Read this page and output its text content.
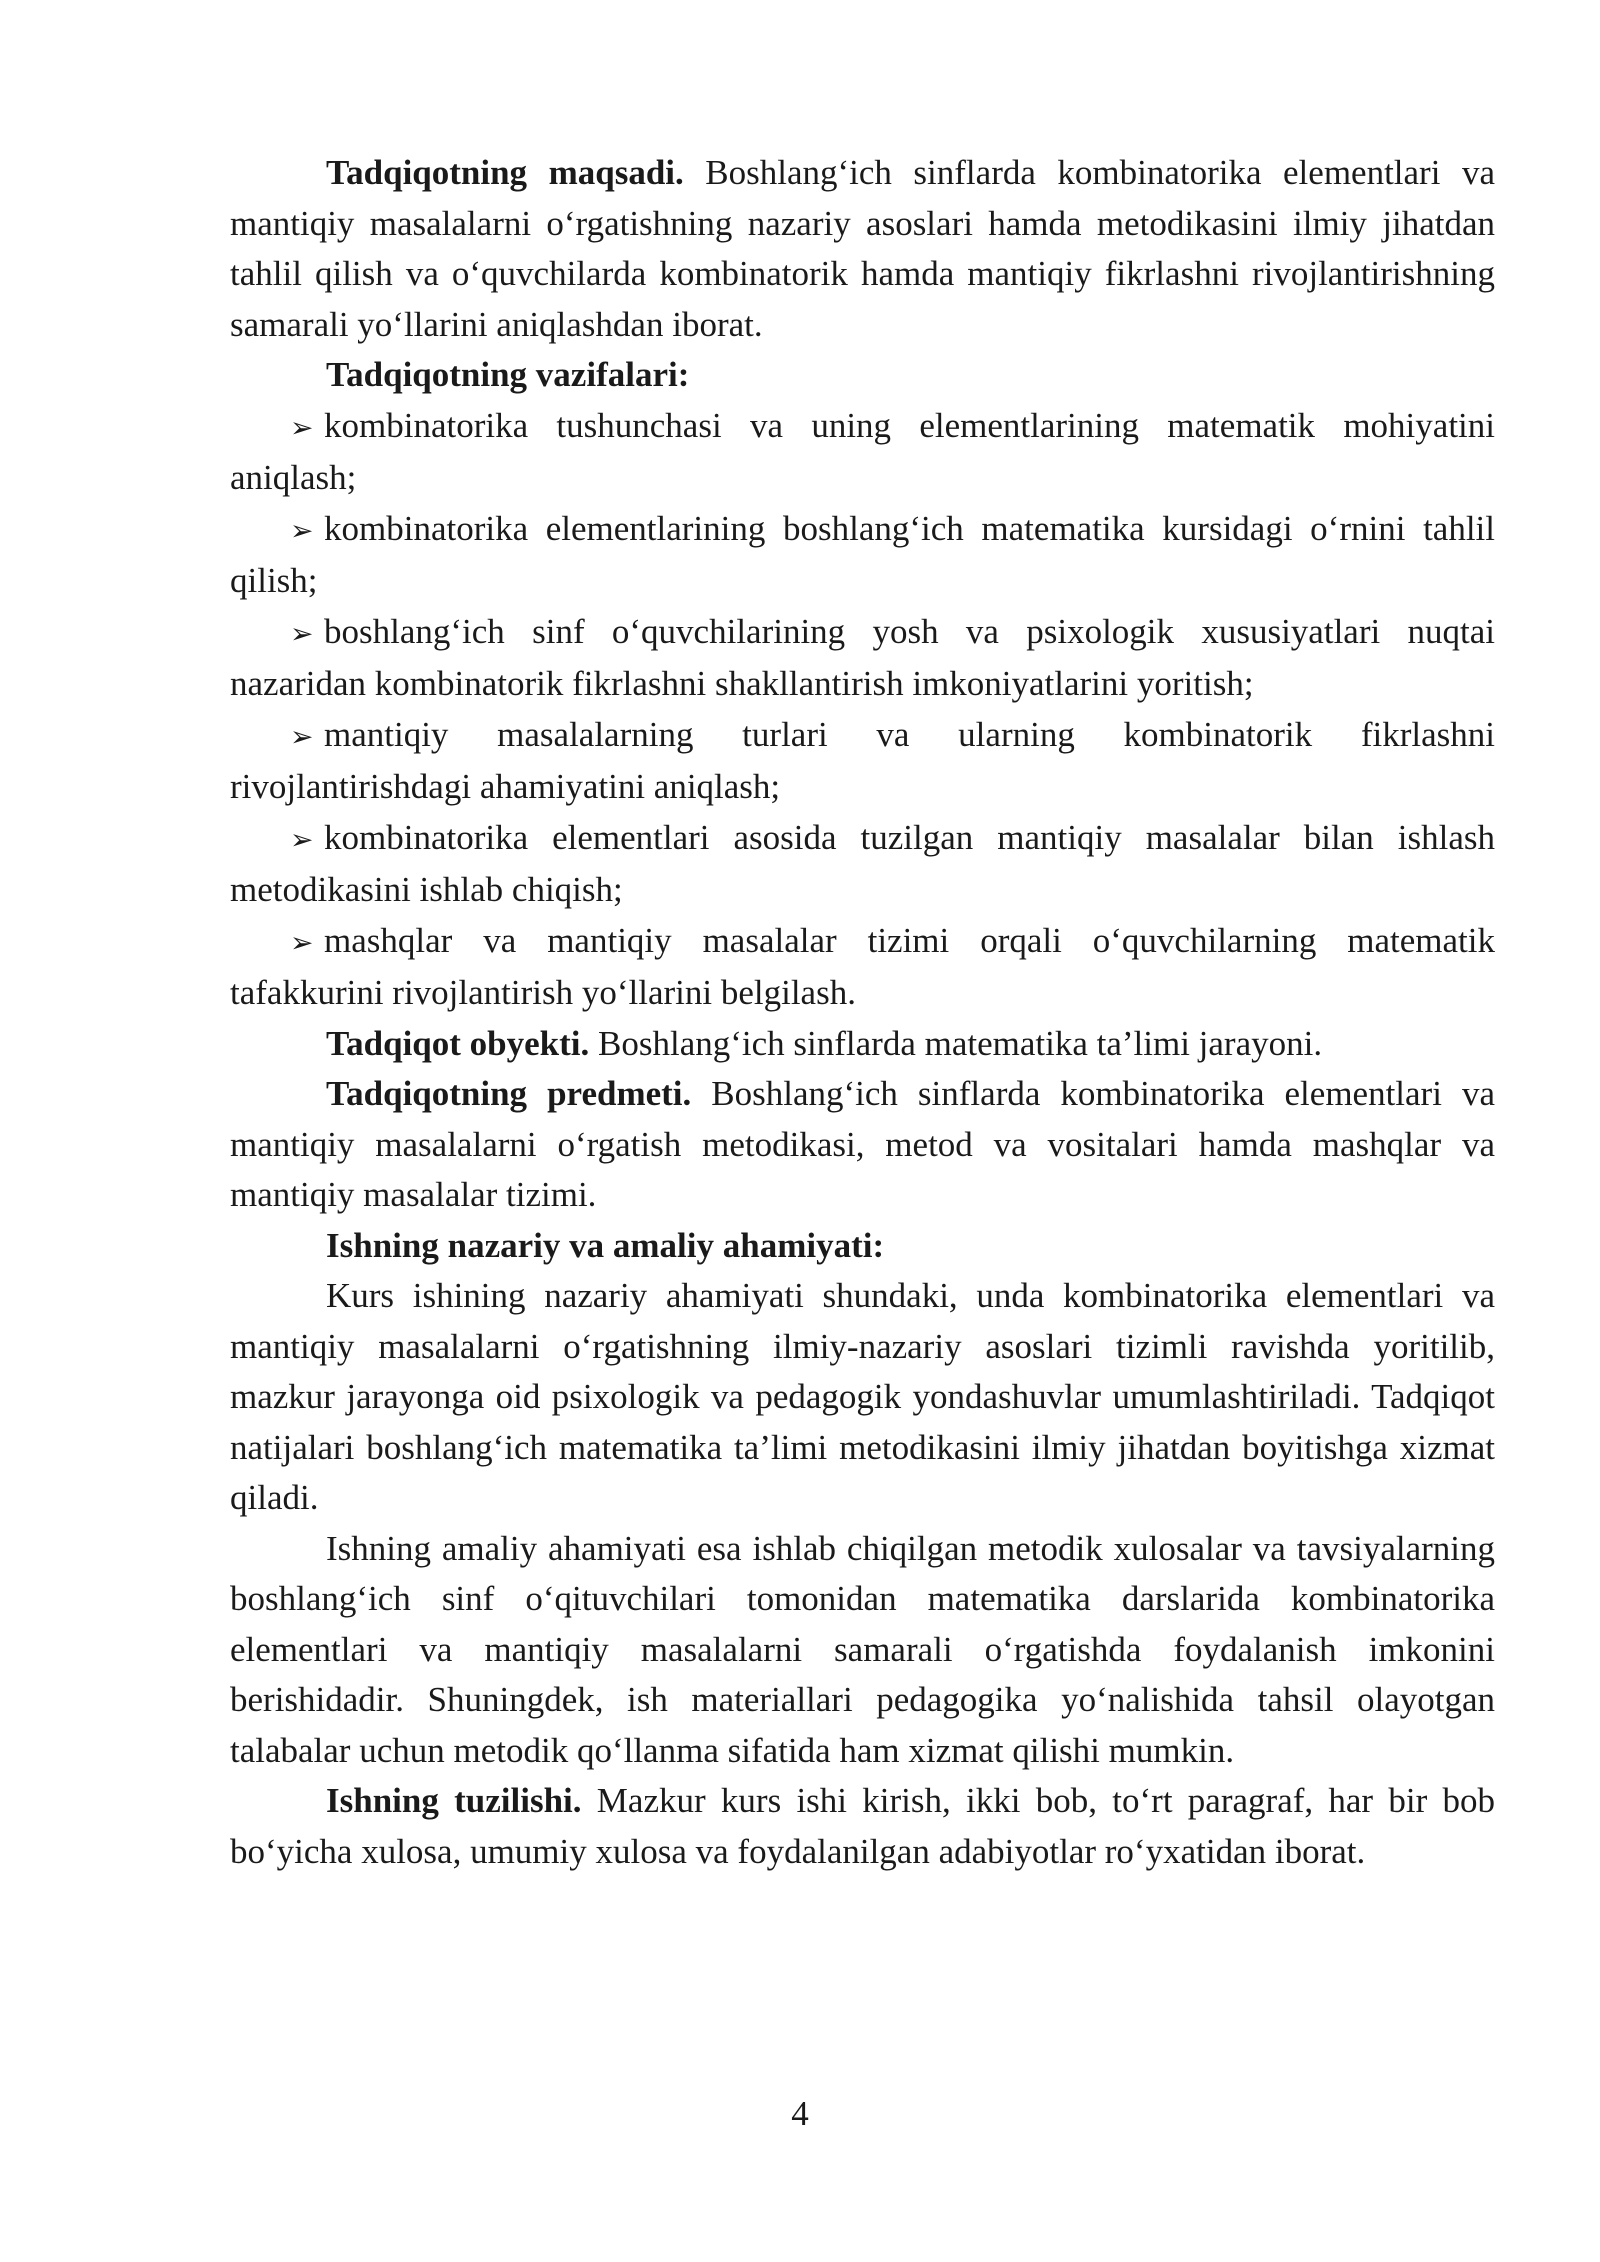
Tadqiqotning maqsadi. Boshlang‘ich sinflarda kombinatorika elementlari va mantiqiy masalalarni o‘rgatishning nazariy asoslari hamda metodikasini ilmiy jihatdan tahlil qilish va o‘quvchilarda kombinatorik hamda mantiqiy fikrlashni rivojlantirishning samarali yo‘llarini aniqlashdan iborat.

Tadqiqotning vazifalari:

➢ kombinatorika tushunchasi va uning elementlarining matematik mohiyatini aniqlash;
➢ kombinatorika elementlarining boshlang‘ich matematika kursidagi o‘rnini tahlil qilish;
➢ boshlang‘ich sinf o‘quvchilarining yosh va psixologik xususiyatlari nuqtai nazaridan kombinatorik fikrlashni shakllantirish imkoniyatlarini yoritish;
➢ mantiqiy masalalarning turlari va ularning kombinatorik fikrlashni rivojlantirishdagi ahamiyatini aniqlash;
➢ kombinatorika elementlari asosida tuzilgan mantiqiy masalalar bilan ishlash metodikasini ishlab chiqish;
➢ mashqlar va mantiqiy masalalar tizimi orqali o‘quvchilarning matematik tafakkurini rivojlantirish yo‘llarini belgilash.

Tadqiqot obyekti. Boshlang‘ich sinflarda matematika ta’limi jarayoni.

Tadqiqotning predmeti. Boshlang‘ich sinflarda kombinatorika elementlari va mantiqiy masalalarni o‘rgatish metodikasi, metod va vositalari hamda mashqlar va mantiqiy masalalar tizimi.

Ishning nazariy va amaliy ahamiyati:

Kurs ishining nazariy ahamiyati shundaki, unda kombinatorika elementlari va mantiqiy masalalarni o‘rgatishning ilmiy-nazariy asoslari tizimli ravishda yoritilib, mazkur jarayonga oid psixologik va pedagogik yondashuvlar umumlashtiriladi. Tadqiqot natijalari boshlang‘ich matematika ta’limi metodikasini ilmiy jihatdan boyitishga xizmat qiladi.

Ishning amaliy ahamiyati esa ishlab chiqilgan metodik xulosalar va tavsiyalarning boshlang‘ich sinf o‘qituvchilari tomonidan matematika darslarida kombinatorika elementlari va mantiqiy masalalarni samarali o‘rgatishda foydalanish imkonini berishidadir. Shuningdek, ish materiallari pedagogika yo‘nalishida tahsil olayotgan talabalar uchun metodik qo‘llanma sifatida ham xizmat qilishi mumkin.

Ishning tuzilishi. Mazkur kurs ishi kirish, ikki bob, to‘rt paragraf, har bir bob bo‘yicha xulosa, umumiy xulosa va foydalanilgan adabiyotlar ro‘yxatidan iborat.

4
